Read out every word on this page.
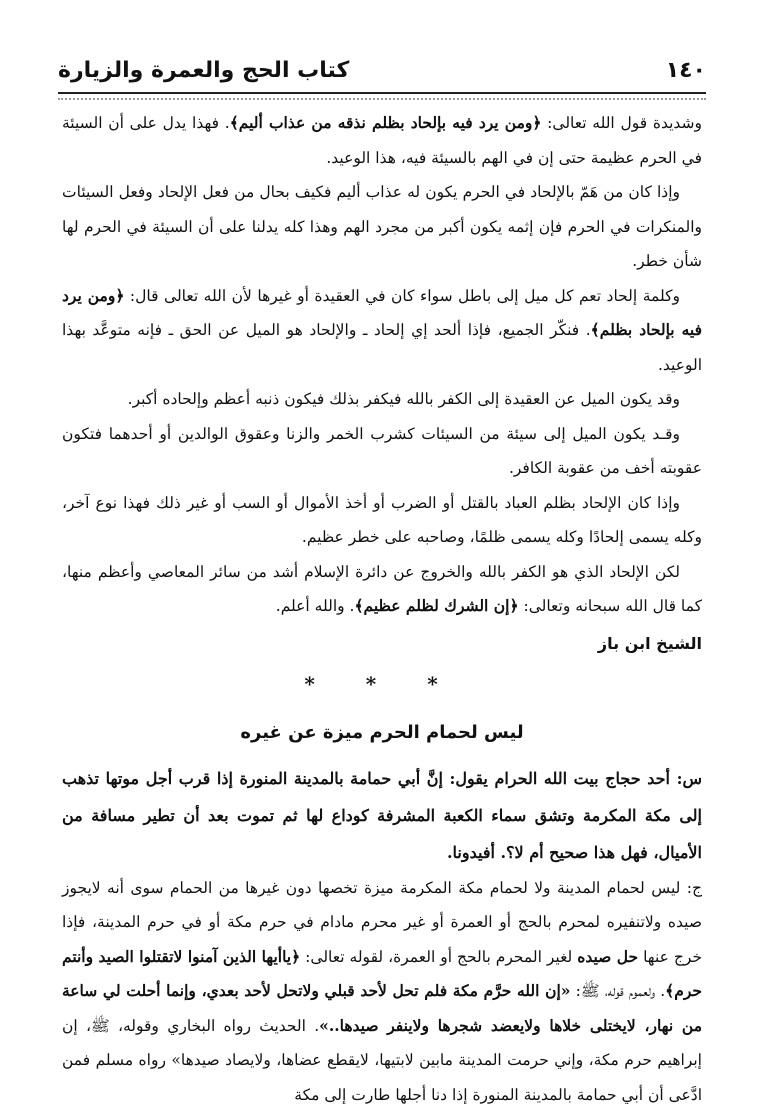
كتاب الحج والعمرة والزيارة	١٤٠

وشديدة قول الله تعالى: ﴿ومن يرد فيه بإلحاد بظلم نذقه من عذاب أليم﴾. فهذا يدل على أن السيئة في الحرم عظيمة حتى إن في الهم بالسيئة فيه، هذا الوعيد.

وإذا كان من هَمّ بالإلحاد في الحرم يكون له عذاب أليم فكيف بحال من فعل الإلحاد وفعل السيئات والمنكرات في الحرم فإن إثمه يكون أكبر من مجرد الهم وهذا كله يدلنا على أن السيئة في الحرم لها شأن خطر.

وكلمة إلحاد تعم كل ميل إلى باطل سواء كان في العقيدة أو غيرها لأن الله تعالى قال: ﴿ومن يرد فيه بإلحاد بظلم﴾. فنكّر الجميع، فإذا ألحد إي إلحاد ـ والإلحاد هو الميل عن الحق ـ فإنه متوعَّد بهذا الوعيد.

وقد يكون الميل عن العقيدة إلى الكفر بالله فيكفر بذلك فيكون ذنبه أعظم وإلحاده أكبر.

وقـد يكون الميل إلى سيئة من السيئات كشرب الخمر والزنا وعقوق الوالدين أو أحدهما فتكون عقوبته أخف من عقوبة الكافر.

وإذا كان الإلحاد بظلم العباد بالقتل أو الضرب أو أخذ الأموال أو السب أو غير ذلك فهذا نوع آخر، وكله يسمى إلحادًا وكله يسمى ظلمًا، وصاحبه على خطر عظيم.

لكن الإلحاد الذي هو الكفر بالله والخروج عن دائرة الإسلام أشد من سائر المعاصي وأعظم منها، كما قال الله سبحانه وتعالى: ﴿إن الشرك لظلم عظيم﴾. والله أعلم.

الشيخ ابن باز
* * *
ليس لحمام الحرم ميزة عن غيره

س: أحد حجاج بيت الله الحرام يقول: إنَّ أبي حمامة بالمدينة المنورة إذا قرب أجل موتها تذهب إلى مكة المكرمة وتشق سماء الكعبة المشرفة كوداع لها ثم تموت بعد أن تطير مسافة من الأميال، فهل هذا صحيح أم لا؟. أفيدونا.

ج: ليس لحمام المدينة ولا لحمام مكة المكرمة ميزة تخصها دون غيرها من الحمام سوى أنه لايجوز صيده ولاتنفيره لمحرم بالحج أو العمرة أو غير محرم مادام في حرم مكة أو في حرم المدينة، فإذا خرج عنها حل صيده لغير المحرم بالحج أو العمرة، لقوله تعالى: ﴿ياأيها الذين آمنوا لاتقتلوا الصيد وأنتم حرم﴾. ولعموم قوله، ﷺ: «إن الله حرَّم مكة فلم تحل لأحد قبلي ولاتحل لأحد بعدي، وإنما أحلت لي ساعة من نهار، لايختلى خلاها ولايعضد شجرها ولاينفر صيدها..». الحديث رواه البخاري وقوله، ﷺ، إن إبراهيم حرم مكة، وإني حرمت المدينة مابين لابتيها، لايقطع عضاها، ولايصاد صيدها» رواه مسلم فمن ادَّعى أن أبي حمامة بالمدينة المنورة إذا دنا أجلها طارت إلى مكة
